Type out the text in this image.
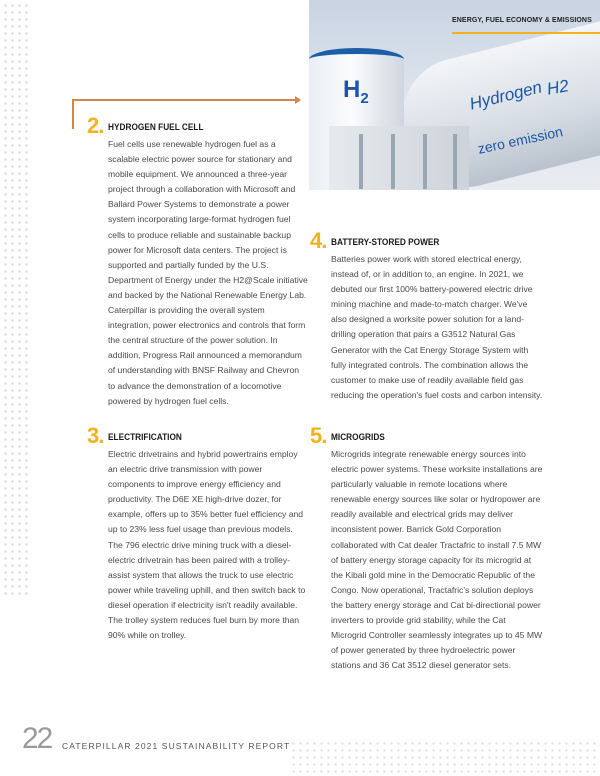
$H_2$	Hydrogen H2
zero emission
ENERGY, FUEL ECONOMY & EMISSIONS
2. HYDROGEN FUEL CELL

Fuel cells use renewable hydrogen fuel as a scalable electric power source for stationary and mobile equipment. We announced a three-year project through a collaboration with Microsoft and Ballard Power Systems to demonstrate a power system incorporating large-format hydrogen fuel cells to produce reliable and sustainable backup power for Microsoft data centers. The project is supported and partially funded by the U.S. Department of Energy under the H2@Scale initiative and backed by the National Renewable Energy Lab. Caterpillar is providing the overall system integration, power electronics and controls that form the central structure of the power solution. In addition, Progress Rail announced a memorandum of understanding with BNSF Railway and Chevron to advance the demonstration of a locomotive powered by hydrogen fuel cells.

3. ELECTRIFICATION

Electric drivetrains and hybrid powertrains employ an electric drive transmission with power components to improve energy efficiency and productivity. The D6E XE high-drive dozer, for example, offers up to 35% better fuel efficiency and up to 23% less fuel usage than previous models. The 796 electric drive mining truck with a diesel-electric drivetrain has been paired with a trolley-assist system that allows the truck to use electric power while traveling uphill, and then switch back to diesel operation if electricity isn't readily available. The trolley system reduces fuel burn by more than 90% while on trolley.

4. BATTERY-STORED POWER

Batteries power work with stored electrical energy, instead of, or in addition to, an engine. In 2021, we debuted our first 100% battery-powered electric drive mining machine and made-to-match charger. We've also designed a worksite power solution for a land-drilling operation that pairs a G3512 Natural Gas Generator with the Cat Energy Storage System with fully integrated controls. The combination allows the customer to make use of readily available field gas reducing the operation's fuel costs and carbon intensity.

5. MICROGRIDS

Microgrids integrate renewable energy sources into electric power systems. These worksite installations are particularly valuable in remote locations where renewable energy sources like solar or hydropower are readily available and electrical grids may deliver inconsistent power. Barrick Gold Corporation collaborated with Cat dealer Tractafric to install 7.5 MW of battery energy storage capacity for its microgrid at the Kibali gold mine in the Democratic Republic of the Congo. Now operational, Tractafric's solution deploys the battery energy storage and Cat bi-directional power inverters to provide grid stability, while the Cat Microgrid Controller seamlessly integrates up to 45 MW of power generated by three hydroelectric power stations and 36 Cat 3512 diesel generator sets.

22 CATERPILLAR 2021 SUSTAINABILITY REPORT
